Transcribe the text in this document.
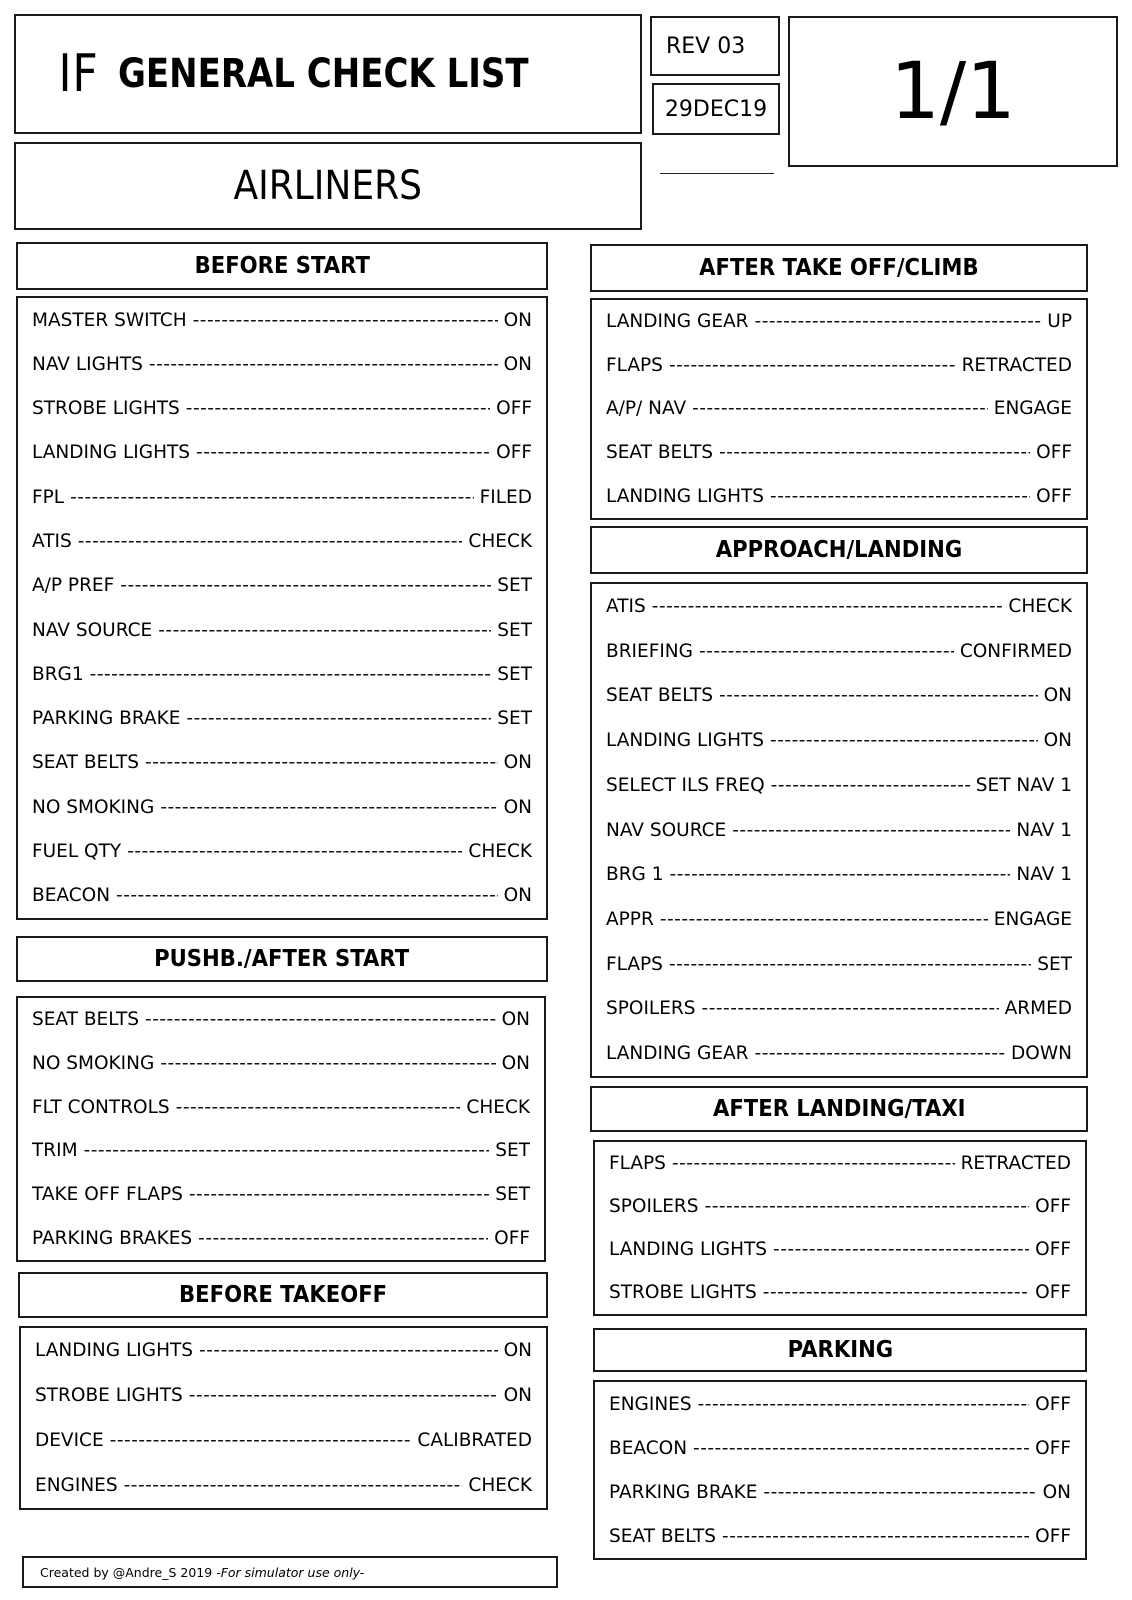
IF GENERAL CHECK LIST
AIRLINERS
REV 03
29DEC19	1/1
BEFORE START
MASTER SWITCH -----	ON
NAV LIGHTS -----	ON
STROBE LIGHTS -----	OFF
LANDING LIGHTS -----	OFF
FPL -----	FILED
ATIS -----	CHECK
A/P PREF -----	SET
NAV SOURCE -----	SET
BRG1 -----	SET
PARKING BRAKE -----	SET
SEAT BELTS -----	ON
NO SMOKING -----	ON
FUEL QTY -----	CHECK
BEACON -----	ON
PUSHB./AFTER START
SEAT BELTS -----	ON
NO SMOKING -----	ON
FLT CONTROLS -----	CHECK
TRIM -----	SET
TAKE OFF FLAPS -----	SET
PARKING BRAKES -----	OFF
BEFORE TAKEOFF
LANDING LIGHTS -----	ON
STROBE LIGHTS -----	ON
DEVICE -----	CALIBRATED
ENGINES -----	CHECK
AFTER TAKE OFF/CLIMB
LANDING GEAR -----	UP
FLAPS -----	RETRACTED
A/P/ NAV -----	ENGAGE
SEAT BELTS -----	OFF
LANDING LIGHTS -----	OFF
APPROACH/LANDING
ATIS -----	CHECK
BRIEFING -----	CONFIRMED
SEAT BELTS -----	ON
LANDING LIGHTS -----	ON
SELECT ILS FREQ -----	SET NAV 1
NAV SOURCE -----	NAV 1
BRG 1 -----	NAV 1
APPR -----	ENGAGE
FLAPS -----	SET
SPOILERS -----	ARMED
LANDING GEAR -----	DOWN
AFTER LANDING/TAXI
FLAPS -----	RETRACTED
SPOILERS -----	OFF
LANDING LIGHTS -----	OFF
STROBE LIGHTS -----	OFF
PARKING
ENGINES -----	OFF
BEACON -----	OFF
PARKING BRAKE -----	ON
SEAT BELTS -----	OFF
Created by @Andre_S 2019 -For simulator use only-
